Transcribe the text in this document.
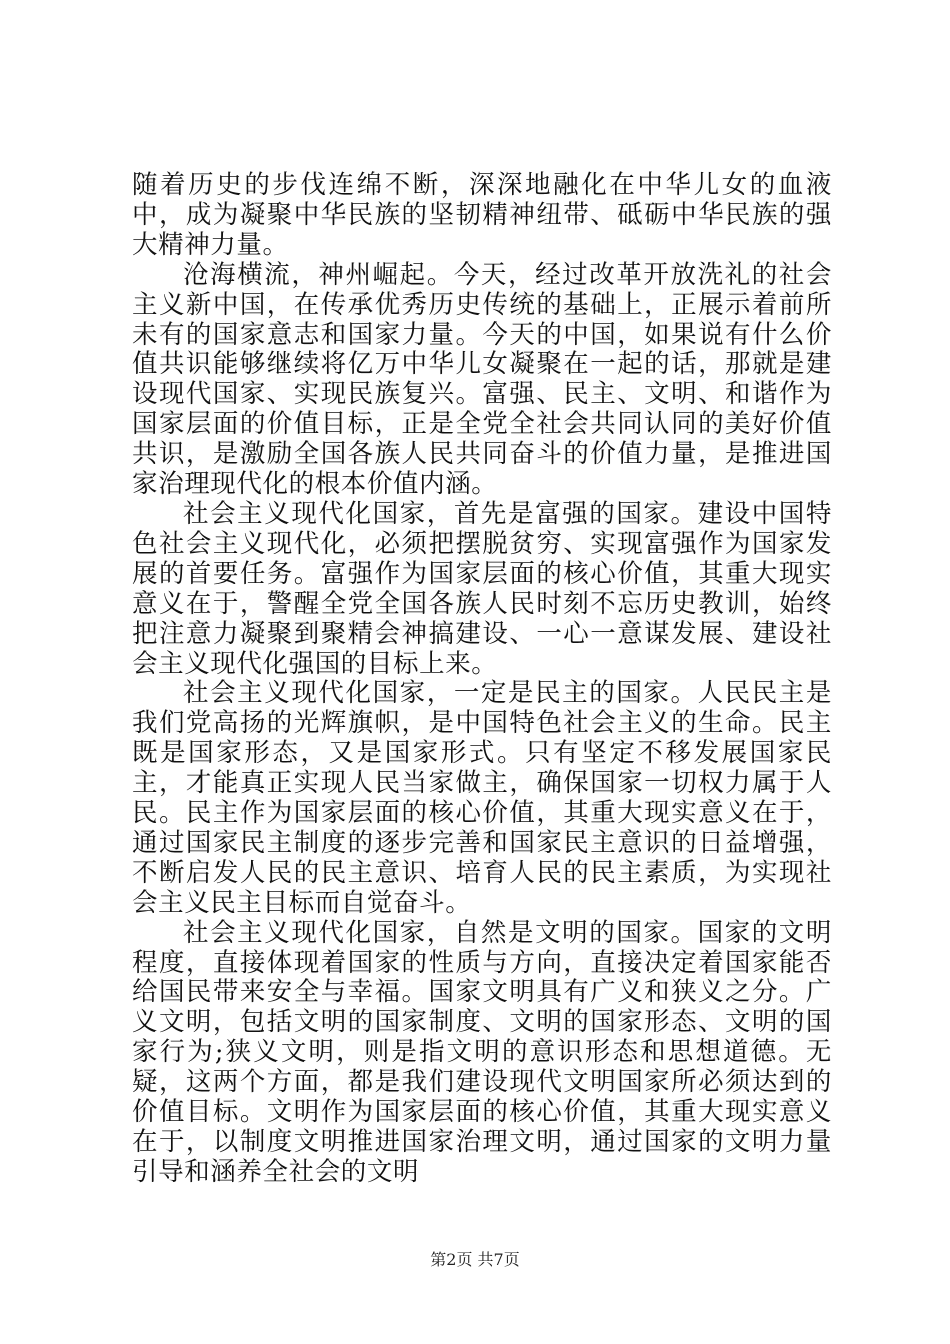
随着历史的步伐连绵不断，深深地融化在中华儿女的血液中，成为凝聚中华民族的坚韧精神纽带、砥砺中华民族的强大精神力量。

沧海横流，神州崛起。今天，经过改革开放洗礼的社会主义新中国，在传承优秀历史传统的基础上，正展示着前所未有的国家意志和国家力量。今天的中国，如果说有什么价值共识能够继续将亿万中华儿女凝聚在一起的话，那就是建设现代国家、实现民族复兴。富强、民主、文明、和谐作为国家层面的价值目标，正是全党全社会共同认同的美好价值共识，是激励全国各族人民共同奋斗的价值力量，是推进国家治理现代化的根本价值内涵。

社会主义现代化国家，首先是富强的国家。建设中国特色社会主义现代化，必须把摆脱贫穷、实现富强作为国家发展的首要任务。富强作为国家层面的核心价值，其重大现实意义在于，警醒全党全国各族人民时刻不忘历史教训，始终把注意力凝聚到聚精会神搞建设、一心一意谋发展、建设社会主义现代化强国的目标上来。

社会主义现代化国家，一定是民主的国家。人民民主是我们党高扬的光辉旗帜，是中国特色社会主义的生命。民主既是国家形态，又是国家形式。只有坚定不移发展国家民主，才能真正实现人民当家做主，确保国家一切权力属于人民。民主作为国家层面的核心价值，其重大现实意义在于，通过国家民主制度的逐步完善和国家民主意识的日益增强，不断启发人民的民主意识、培育人民的民主素质，为实现社会主义民主目标而自觉奋斗。

社会主义现代化国家，自然是文明的国家。国家的文明程度，直接体现着国家的性质与方向，直接决定着国家能否给国民带来安全与幸福。国家文明具有广义和狭义之分。广义文明，包括文明的国家制度、文明的国家形态、文明的国家行为;狭义文明，则是指文明的意识形态和思想道德。无疑，这两个方面，都是我们建设现代文明国家所必须达到的价值目标。文明作为国家层面的核心价值，其重大现实意义在于，以制度文明推进国家治理文明，通过国家的文明力量引导和涵养全社会的文明

第2页 共7页
